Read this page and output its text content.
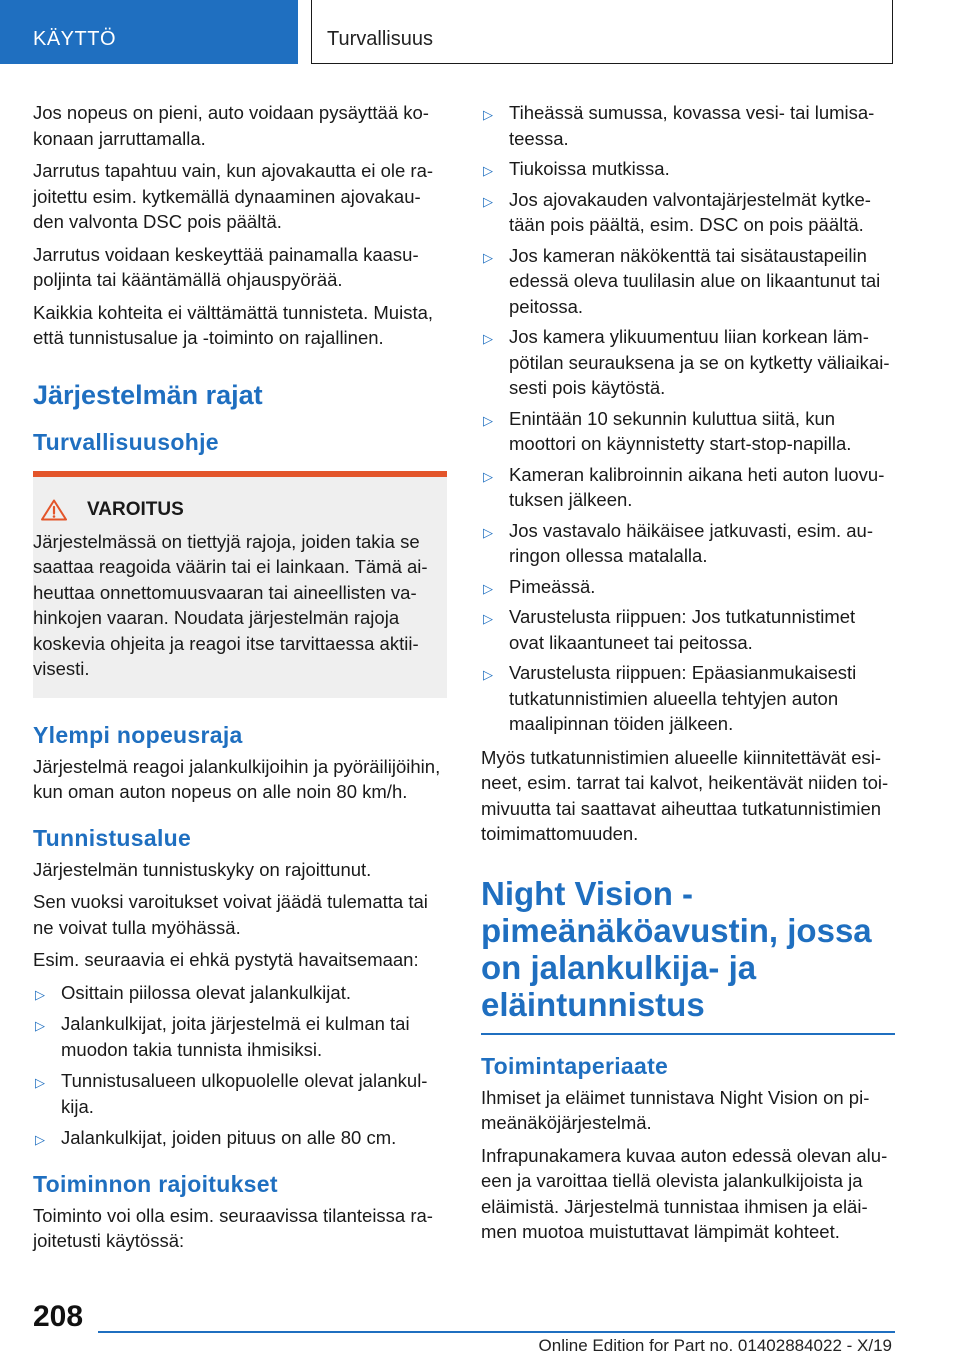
KÄYTTÖ	Turvallisuus

Jos nopeus on pieni, auto voidaan pysäyttää ko-konaan jarruttamalla.

Jarrutus tapahtuu vain, kun ajovakautta ei ole ra-joitettu esim. kytkemällä dynaaminen ajovakau-den valvonta DSC pois päältä.

Jarrutus voidaan keskeyttää painamalla kaasu-poljinta tai kääntämällä ohjauspyörää.

Kaikkia kohteita ei välttämättä tunnisteta. Muista, että tunnistusalue ja -toiminto on rajallinen.

Järjestelmän rajat
Turvallisuusohje
VAROITUS

Järjestelmässä on tiettyjä rajoja, joiden takia se saattaa reagoida väärin tai ei lainkaan. Tämä ai-heuttaa onnettomuusvaaran tai aineellisten va-hinkojen vaaran. Noudata järjestelmän rajoja koskevia ohjeita ja reagoi itse tarvittaessa aktii-visesti.

Ylempi nopeusraja

Järjestelmä reagoi jalankulkijoihin ja pyöräilijöihin, kun oman auton nopeus on alle noin 80 km/h.

Tunnistusalue

Järjestelmän tunnistuskyky on rajoittunut.

Sen vuoksi varoitukset voivat jäädä tulematta tai ne voivat tulla myöhässä.

Esim. seuraavia ei ehkä pystytä havaitsemaan:

▷ Osittain piilossa olevat jalankulkijat.
▷ Jalankulkijat, joita järjestelmä ei kulman tai muodon takia tunnista ihmisiksi.
▷ Tunnistusalueen ulkopuolelle olevat jalankul-kija.
▷ Jalankulkijat, joiden pituus on alle 80 cm.
Toiminnon rajoitukset

Toiminto voi olla esim. seuraavissa tilanteissa ra-joitetusti käytössä:

▷ Tiheässä sumussa, kovassa vesi- tai lumisa-teessa.
▷ Tiukoissa mutkissa.
▷ Jos ajovakauden valvontajärjestelmät kytke-tään pois päältä, esim. DSC on pois päältä.
▷ Jos kameran näkökenttä tai sisätaustapeilin edessä oleva tuulilasin alue on likaantunut tai peitossa.
▷ Jos kamera ylikuumentuu liian korkean läm-pötilan seurauksena ja se on kytketty väliaikai-sesti pois käytöstä.
▷ Enintään 10 sekunnin kuluttua siitä, kun moottori on käynnistetty start-stop-napilla.
▷ Kameran kalibroinnin aikana heti auton luovu-tuksen jälkeen.
▷ Jos vastavalo häikäisee jatkuvasti, esim. au-ringon ollessa matalalla.
▷ Pimeässä.
▷ Varustelusta riippuen: Jos tutkatunnistimet ovat likaantuneet tai peitossa.
▷ Varustelusta riippuen: Epäasianmukaisesti tutkatunnistimien alueella tehtyjen auton maalipinnan töiden jälkeen.

Myös tutkatunnistimien alueelle kiinnitettävät esi-neet, esim. tarrat tai kalvot, heikentävät niiden toi-mivuutta tai saattavat aiheuttaa tutkatunnistimien toimimattomuuden.

Night Vision - pimeänäköavustin, jossa on jalankulkija- ja eläintunnistus
Toimintaperiaate

Ihmiset ja eläimet tunnistava Night Vision on pi-meänäköjärjestelmä.

Infrapunakamera kuvaa auton edessä olevan alu-een ja varoittaa tiellä olevista jalankulkijoista ja eläimistä. Järjestelmä tunnistaa ihmisen ja eläi-men muotoa muistuttavat lämpimät kohteet.

208
Online Edition for Part no. 01402884022 - X/19
